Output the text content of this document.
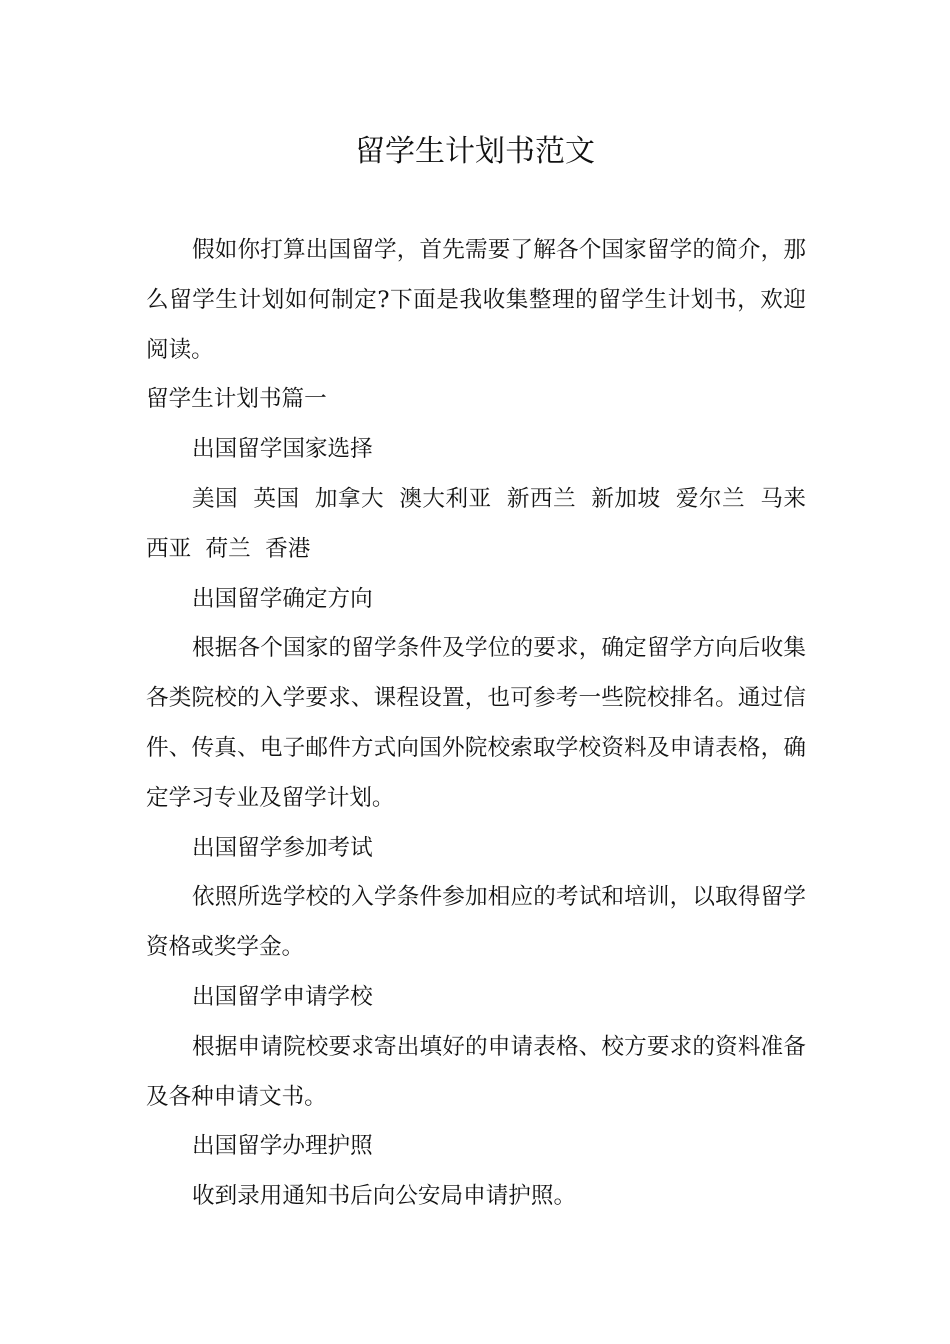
留学生计划书范文

假如你打算出国留学，首先需要了解各个国家留学的简介，那么留学生计划如何制定?下面是我收集整理的留学生计划书，欢迎阅读。

留学生计划书篇一

出国留学国家选择

美国  英国  加拿大  澳大利亚  新西兰  新加坡  爱尔兰  马来西亚  荷兰  香港

出国留学确定方向

根据各个国家的留学条件及学位的要求，确定留学方向后收集各类院校的入学要求、课程设置，也可参考一些院校排名。通过信件、传真、电子邮件方式向国外院校索取学校资料及申请表格，确定学习专业及留学计划。

出国留学参加考试

依照所选学校的入学条件参加相应的考试和培训，以取得留学资格或奖学金。

出国留学申请学校

根据申请院校要求寄出填好的申请表格、校方要求的资料准备及各种申请文书。

出国留学办理护照

收到录用通知书后向公安局申请护照。
